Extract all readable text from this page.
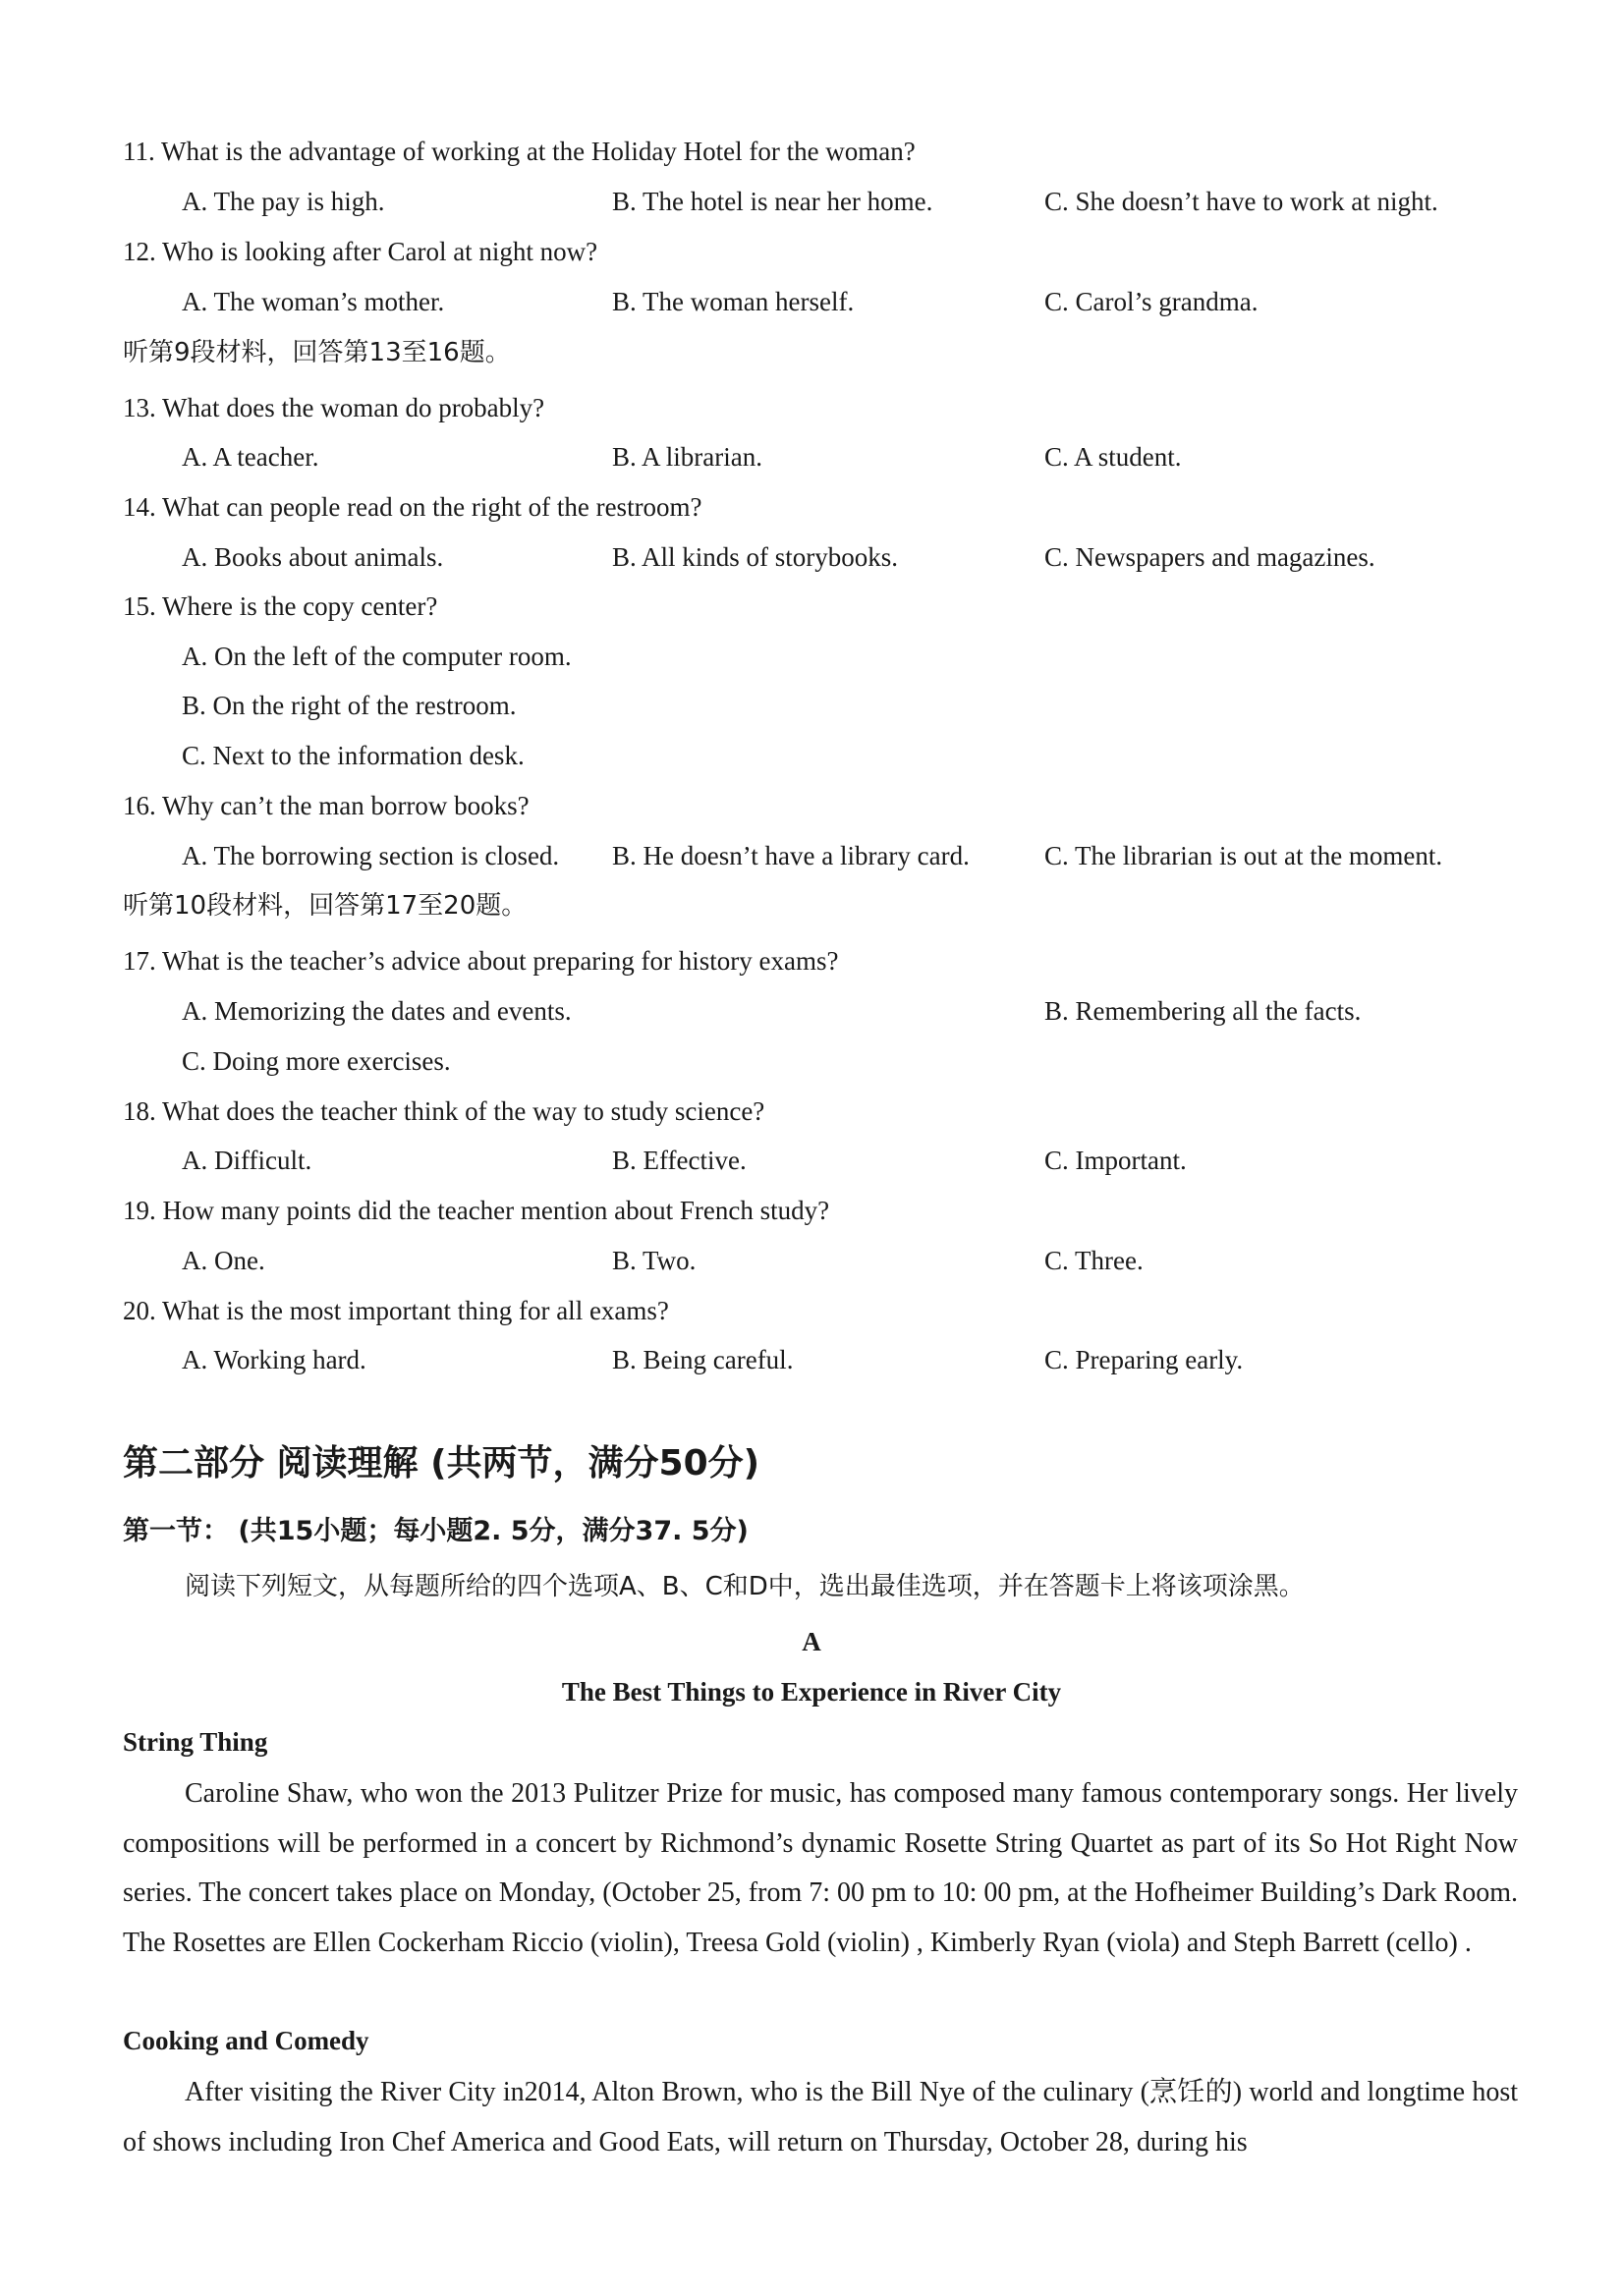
11. What is the advantage of working at the Holiday Hotel for the woman?
A. The pay is high.	B. The hotel is near her home.	C. She doesn’t have to work at night.
12. Who is looking after Carol at night now?
A. The woman’s mother.	B. The woman herself.	C. Carol’s grandma.
听第9段材料，回答第13至16题。
13. What does the woman do probably?
A. A teacher.	B. A librarian.	C. A student.
14. What can people read on the right of the restroom?
A. Books about animals.	B. All kinds of storybooks.	C. Newspapers and magazines.
15. Where is the copy center?
A. On the left of the computer room.
B. On the right of the restroom.
C. Next to the information desk.
16. Why can’t the man borrow books?
A. The borrowing section is closed. B. He doesn’t have a library card.	C. The librarian is out at the moment.
听第10段材料，回答第17至20题。
17. What is the teacher’s advice about preparing for history exams?
A. Memorizing the dates and events.	B. Remembering all the facts.
C. Doing more exercises.
18. What does the teacher think of the way to study science?
A. Difficult.	B. Effective.	C. Important.
19. How many points did the teacher mention about French study?
A. One.	B. Two.	C. Three.
20. What is the most important thing for all exams?
A. Working hard.	B. Being careful.	C. Preparing early.
第二部分 阅读理解 (共两节，满分50分)
第一节： (共15小题；每小题2. 5分，满分37. 5分)
阅读下列短文，从每题所给的四个选项A、B、C和D中，选出最佳选项，并在答题卡上将该项涂黑。
A
The Best Things to Experience in River City
String Thing
Caroline Shaw, who won the 2013 Pulitzer Prize for music, has composed many famous contemporary songs. Her lively compositions will be performed in a concert by Richmond’s dynamic Rosette String Quartet as part of its So Hot Right Now series. The concert takes place on Monday, (October 25, from 7: 00 pm to 10: 00 pm, at the Hofheimer Building’s Dark Room. The Rosettes are Ellen Cockerham Riccio (violin), Treesa Gold (violin) , Kimberly Ryan (viola) and Steph Barrett (cello) .
Cooking and Comedy
After visiting the River City in2014, Alton Brown, who is the Bill Nye of the culinary (烹饪的) world and longtime host of shows including Iron Chef America and Good Eats, will return on Thursday, October 28, during his
